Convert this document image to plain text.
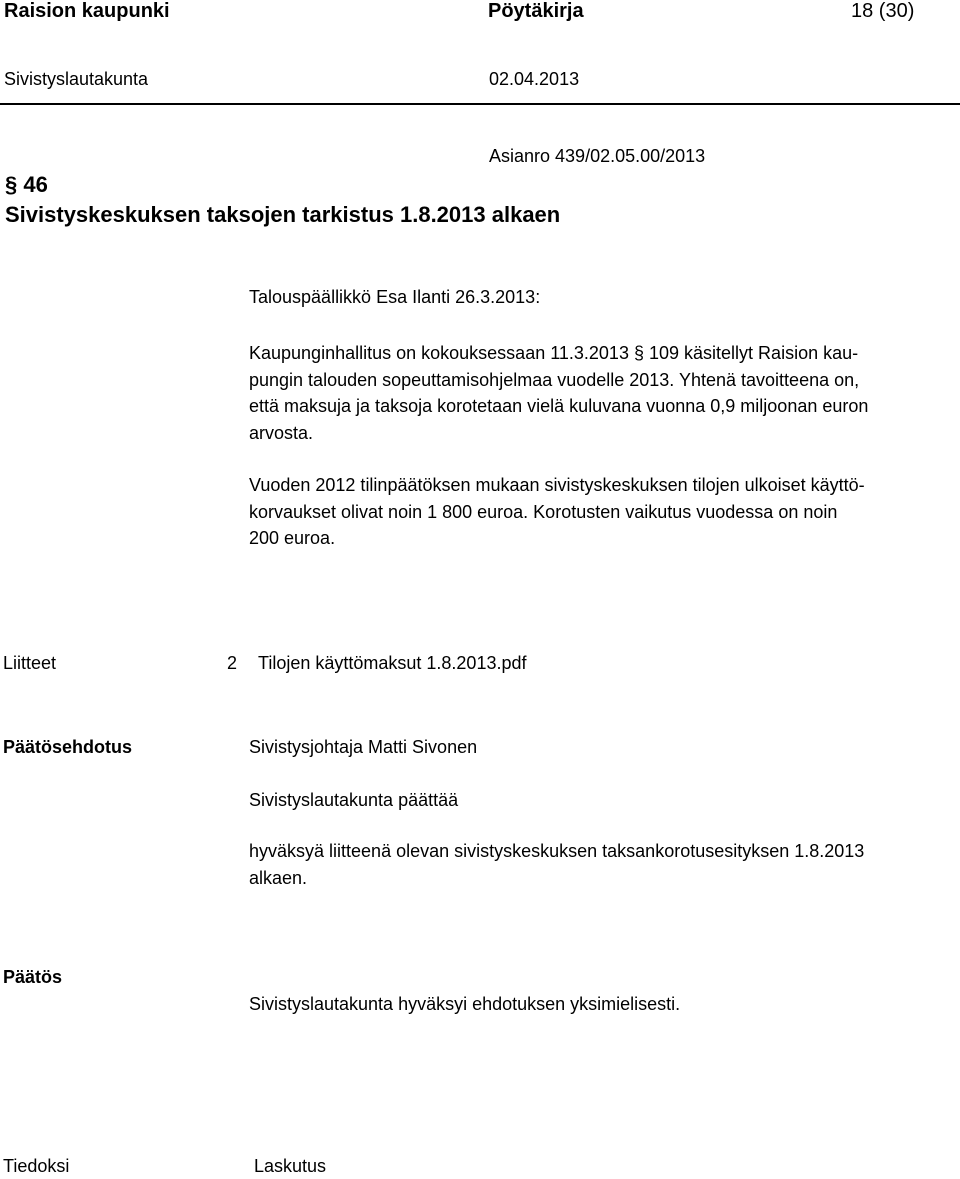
Raision kaupunki	Pöytäkirja	18 (30)
Sivistyslautakunta	02.04.2013
Asianro 439/02.05.00/2013
§ 46
Sivistyskeskuksen taksojen tarkistus 1.8.2013 alkaen
Talouspäällikkö Esa Ilanti 26.3.2013:
Kaupunginhallitus on kokouksessaan 11.3.2013 § 109 käsitellyt Raision kau-
pungin talouden sopeuttamisohjelmaa vuodelle 2013. Yhtenä tavoitteena on,
että maksuja ja taksoja korotetaan vielä kuluvana vuonna 0,9 miljoonan euron
arvosta.
Vuoden 2012 tilinpäätöksen mukaan sivistyskeskuksen tilojen ulkoiset käyttö-
korvaukset olivat noin 1 800 euroa. Korotusten vaikutus vuodessa on noin
200 euroa.
Liitteet	2 Tilojen käyttömaksut 1.8.2013.pdf
Päätösehdotus	Sivistysjohtaja Matti Sivonen
Sivistyslautakunta päättää
hyväksyä liitteenä olevan sivistyskeskuksen taksankorotusesityksen 1.8.2013
alkaen.
Päätös
Sivistyslautakunta hyväksyi ehdotuksen yksimielisesti.
Tiedoksi	Laskutus
